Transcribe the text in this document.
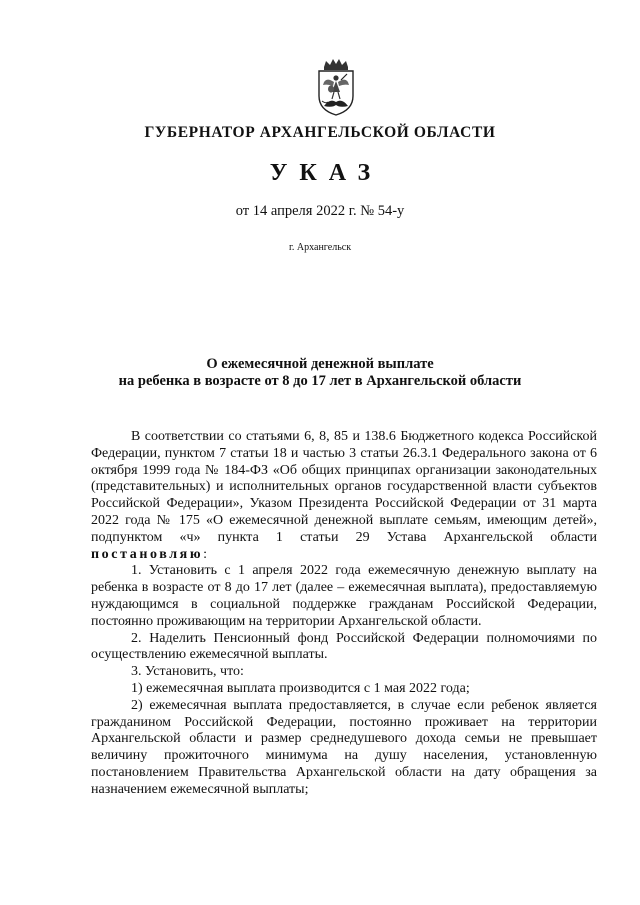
ГУБЕРНАТОР АРХАНГЕЛЬСКОЙ ОБЛАСТИ
УКАЗ
от 14 апреля 2022 г. № 54-у
г. Архангельск
О ежемесячной денежной выплате
на ребенка в возрасте от 8 до 17 лет в Архангельской области

В соответствии со статьями 6, 8, 85 и 138.6 Бюджетного кодекса Российской Федерации, пунктом 7 статьи 18 и частью 3 статьи 26.3.1 Федерального закона от 6 октября 1999 года № 184-ФЗ «Об общих принципах организации законодательных (представительных) и исполнительных органов государственной власти субъектов Российской Федерации», Указом Президента Российской Федерации от 31 марта 2022 года № 175 «О ежемесячной денежной выплате семьям, имеющим детей», подпунктом «ч» пункта 1 статьи 29 Устава Архангельской области постановляю:

1. Установить с 1 апреля 2022 года ежемесячную денежную выплату на ребенка в возрасте от 8 до 17 лет (далее – ежемесячная выплата), предоставляемую нуждающимся в социальной поддержке гражданам Российской Федерации, постоянно проживающим на территории Архангельской области.

2. Наделить Пенсионный фонд Российской Федерации полномочиями по осуществлению ежемесячной выплаты.

3. Установить, что:

1) ежемесячная выплата производится с 1 мая 2022 года;

2) ежемесячная выплата предоставляется, в случае если ребенок является гражданином Российской Федерации, постоянно проживает на территории Архангельской области и размер среднедушевого дохода семьи не превышает величину прожиточного минимума на душу населения, установленную постановлением Правительства Архангельской области на дату обращения за назначением ежемесячной выплаты;
